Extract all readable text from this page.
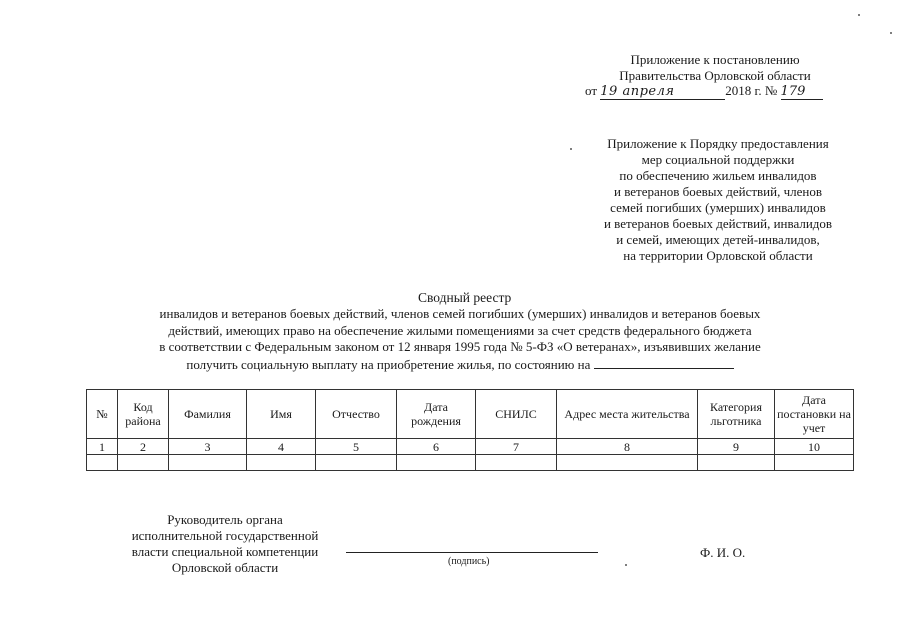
Приложение к постановлению
Правительства Орловской области
от 19 апреля	2018 г. № 179
Приложение к Порядку предоставления
мер социальной поддержки
по обеспечению жильем инвалидов
и ветеранов боевых действий, членов
семей погибших (умерших) инвалидов
и ветеранов боевых действий, инвалидов
и семей, имеющих детей-инвалидов,
на территории Орловской области
Сводный реестр
инвалидов и ветеранов боевых действий, членов семей погибших (умерших) инвалидов и ветеранов боевых
действий, имеющих право на обеспечение жилыми помещениями за счет средств федерального бюджета
в соответствии с Федеральным законом от 12 января 1995 года № 5-ФЗ «О ветеранах», изъявивших желание
получить социальную выплату на приобретение жилья, по состоянию на
№	Код района	Фамилия	Имя	Отчество	Дата рождения	СНИЛС	Адрес места жительства	Категория льготника	Дата постановки на учет
1	2	3	4	5	6	7	8	9	10

Руководитель органа
исполнительной государственной
власти специальной компетенции
Орловской области	(подпись)
Ф. И. О.
